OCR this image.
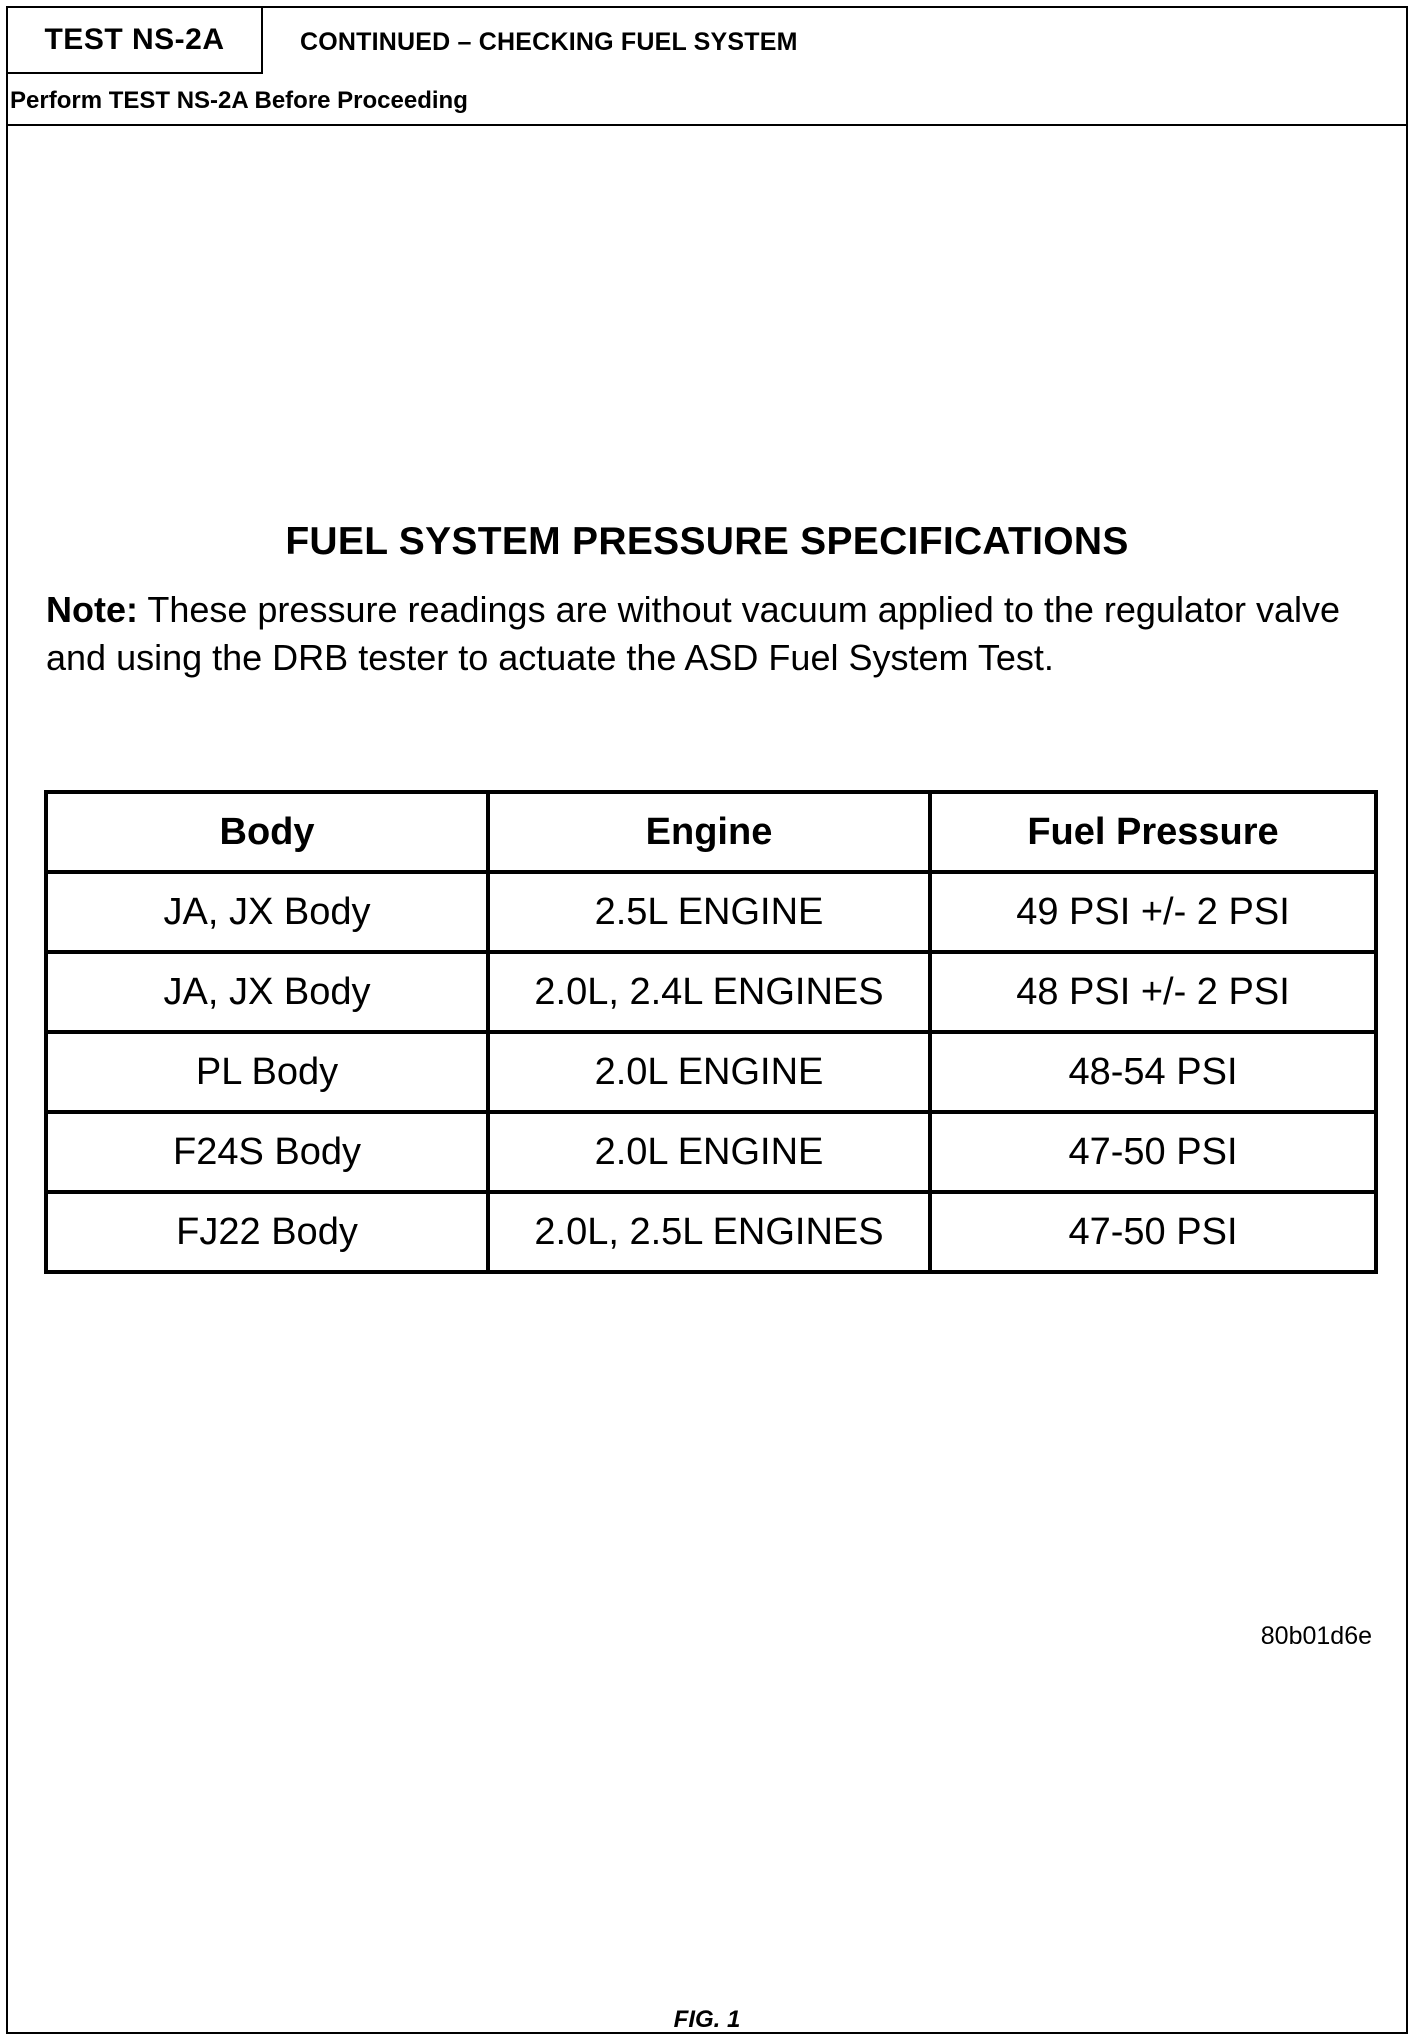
TEST NS-2A	CONTINUED – CHECKING FUEL SYSTEM
Perform TEST NS-2A Before Proceeding
FUEL SYSTEM PRESSURE SPECIFICATIONS
Note: These pressure readings are without vacuum applied to the regulator valve and using the DRB tester to actuate the ASD Fuel System Test.
Body	Engine	Fuel Pressure
JA, JX Body	2.5L ENGINE	49 PSI +/- 2 PSI
JA, JX Body	2.0L, 2.4L ENGINES	48 PSI +/- 2 PSI
PL Body	2.0L ENGINE	48-54 PSI
F24S Body	2.0L ENGINE	47-50 PSI
FJ22 Body	2.0L, 2.5L ENGINES	47-50 PSI
80b01d6e
FIG. 1
